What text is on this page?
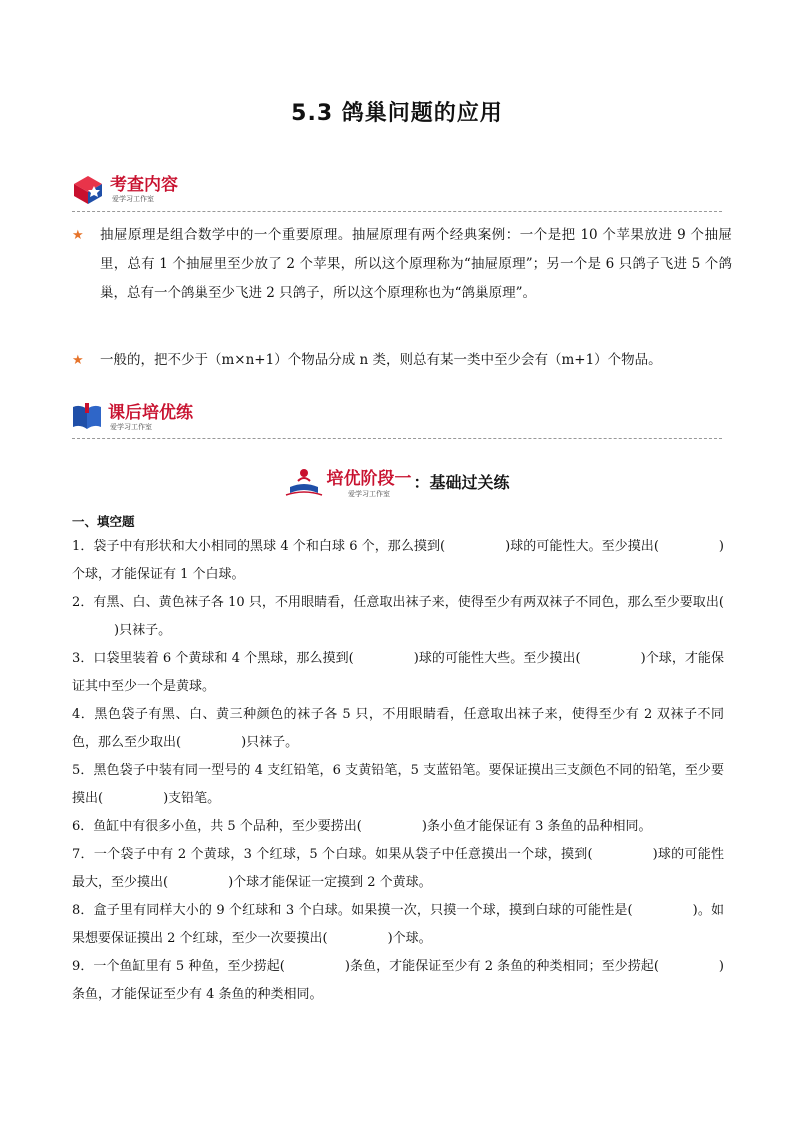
5.3 鸽巢问题的应用
考查内容
爱学习工作室
★	抽屉原理是组合数学中的一个重要原理。抽屉原理有两个经典案例：一个是把 10 个苹果放进 9 个抽屉里，总有 1 个抽屉里至少放了 2 个苹果，所以这个原理称为“抽屉原理”；另一个是 6 只鸽子飞进 5 个鸽巢，总有一个鸽巢至少飞进 2 只鸽子，所以这个原理称也为“鸽巢原理”。
★	一般的，把不少于（m×n+1）个物品分成 n 类，则总有某一类中至少会有（m+1）个物品。
课后培优练
爱学习工作室
培优阶段一
爱学习工作室
：基础过关练
一、填空题
1．袋子中有形状和大小相同的黑球 4 个和白球 6 个，那么摸到(	)球的可能性大。至少摸出(	)个球，才能保证有 1 个白球。
2．有黑、白、黄色袜子各 10 只，不用眼睛看，任意取出袜子来，使得至少有两双袜子不同色，那么至少要取出()只袜子。
3．口袋里装着 6 个黄球和 4 个黑球，那么摸到(	)球的可能性大些。至少摸出(	)个球，才能保证其中至少一个是黄球。
4．黑色袋子有黑、白、黄三种颜色的袜子各 5 只，不用眼睛看，任意取出袜子来，使得至少有 2 双袜子不同色，那么至少取出(	)只袜子。
5．黑色袋子中装有同一型号的 4 支红铅笔，6 支黄铅笔，5 支蓝铅笔。要保证摸出三支颜色不同的铅笔，至少要摸出(	)支铅笔。
6．鱼缸中有很多小鱼，共 5 个品种，至少要捞出(	)条小鱼才能保证有 3 条鱼的品种相同。
7．一个袋子中有 2 个黄球，3 个红球，5 个白球。如果从袋子中任意摸出一个球，摸到(	)球的可能性最大，至少摸出(	)个球才能保证一定摸到 2 个黄球。
8．盒子里有同样大小的 9 个红球和 3 个白球。如果摸一次，只摸一个球，摸到白球的可能性是(	)。如果想要保证摸出 2 个红球，至少一次要摸出(	)个球。
9．一个鱼缸里有 5 种鱼，至少捞起(	)条鱼，才能保证至少有 2 条鱼的种类相同；至少捞起(	)条鱼，才能保证至少有 4 条鱼的种类相同。
